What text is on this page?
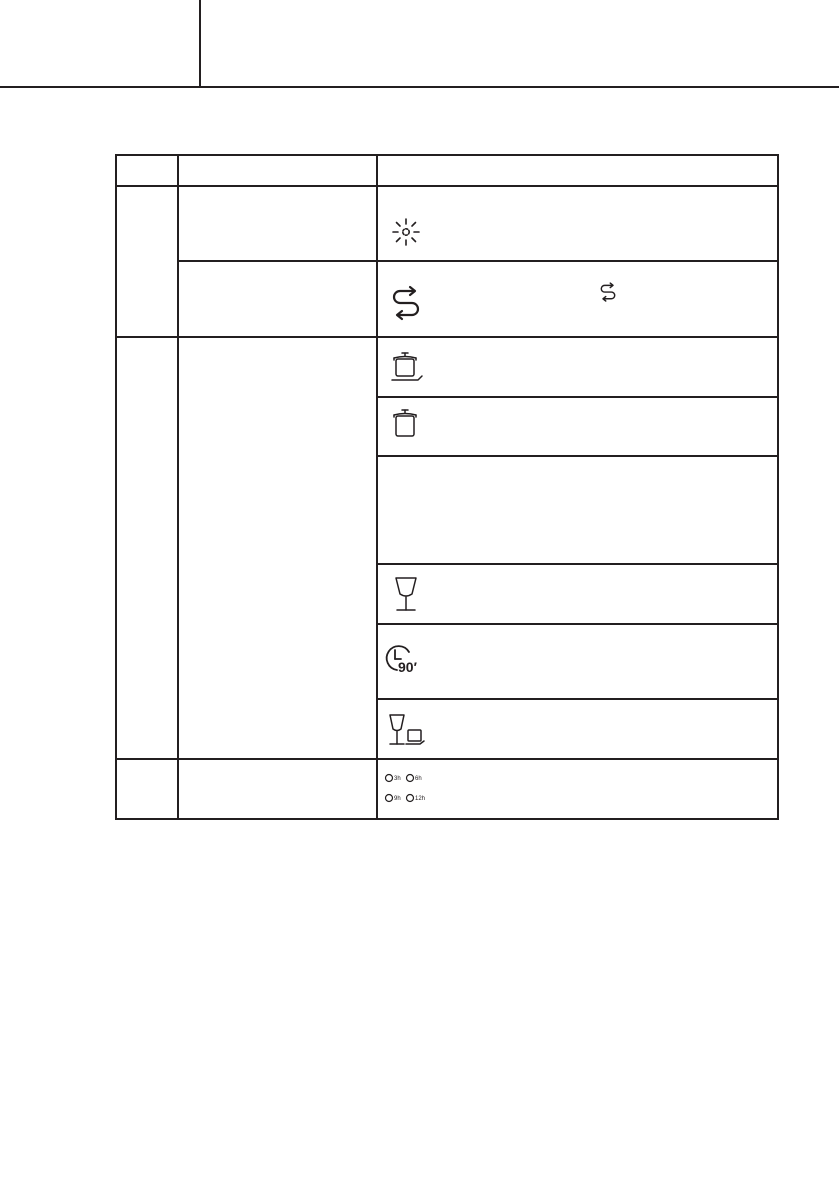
90′
3h 6h
9h 12h
